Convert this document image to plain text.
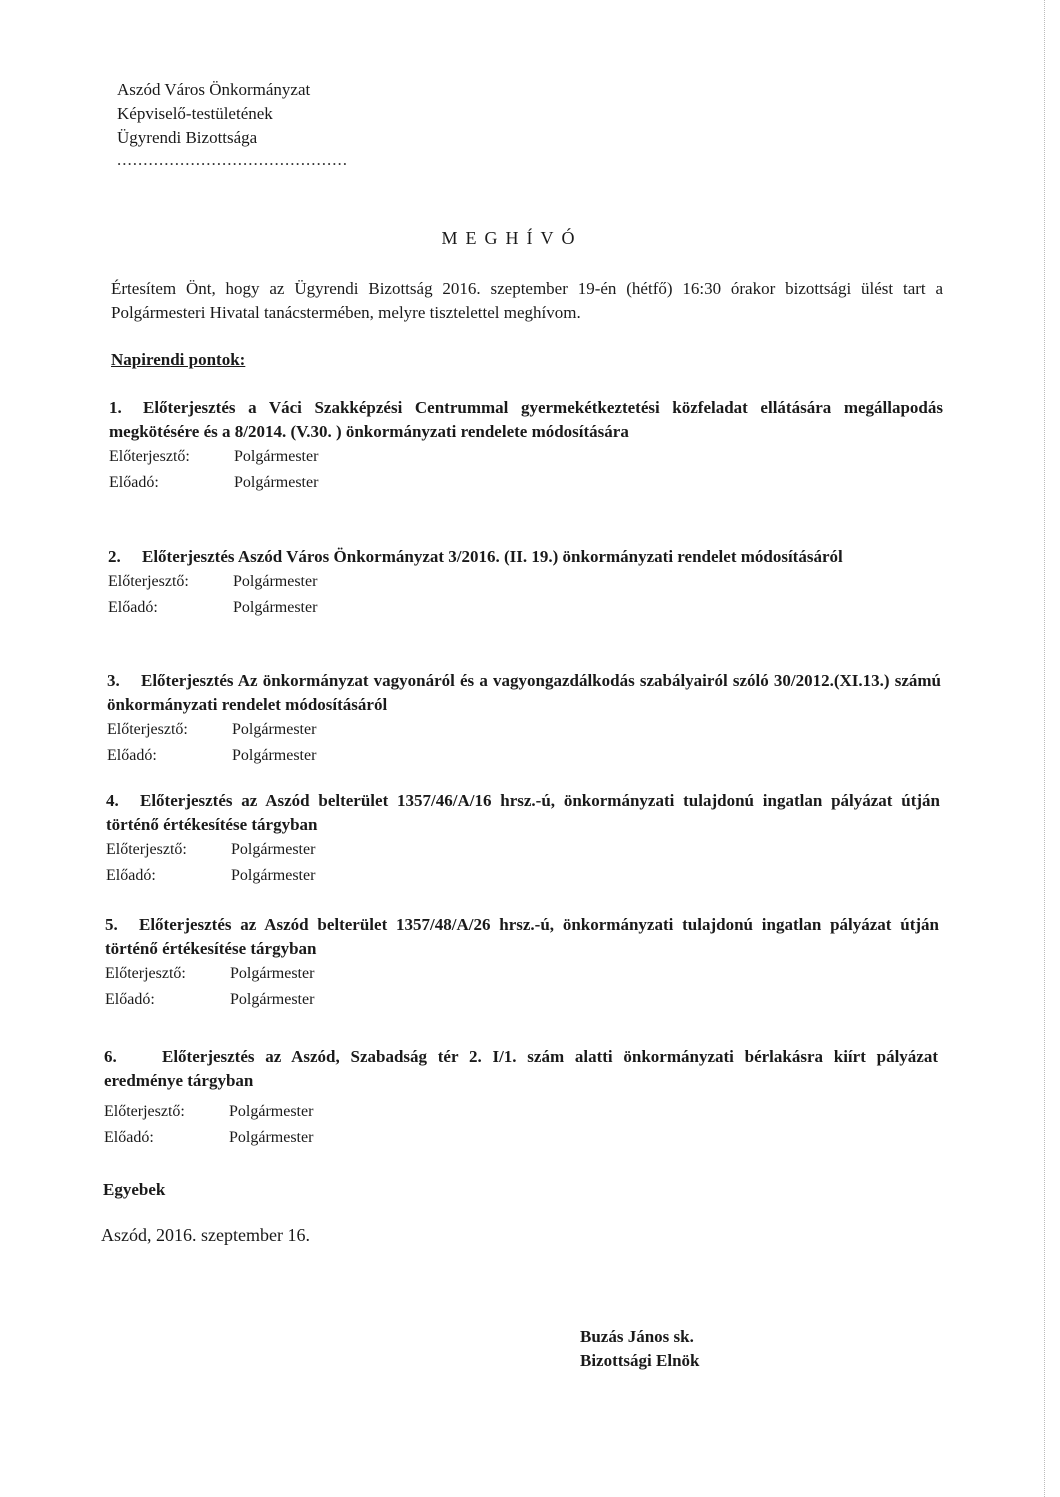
Aszód Város Önkormányzat
Képviselő-testületének
Ügyrendi Bizottsága
............................................
MEGHÍVÓ
Értesítem Önt, hogy az Ügyrendi Bizottság 2016. szeptember 19-én (hétfő) 16:30 órakor bizottsági ülést tart a Polgármesteri Hivatal tanácstermében, melyre tisztelettel meghívom.
Napirendi pontok:
1. Előterjesztés a Váci Szakképzési Centrummal gyermekétkeztetési közfeladat ellátására megállapodás megkötésére és a 8/2014. (V.30. ) önkormányzati rendelete módosítására
Előterjesztő:	Polgármester
Előadó:	Polgármester
2. Előterjesztés Aszód Város Önkormányzat 3/2016. (II. 19.) önkormányzati rendelet módosításáról
Előterjesztő:	Polgármester
Előadó:	Polgármester
3. Előterjesztés Az önkormányzat vagyonáról és a vagyongazdálkodás szabályairól szóló 30/2012.(XI.13.) számú önkormányzati rendelet módosításáról
Előterjesztő:	Polgármester
Előadó:	Polgármester
4. Előterjesztés az Aszód belterület 1357/46/A/16 hrsz.-ú, önkormányzati tulajdonú ingatlan pályázat útján történő értékesítése tárgyban
Előterjesztő:	Polgármester
Előadó:	Polgármester
5. Előterjesztés az Aszód belterület 1357/48/A/26 hrsz.-ú, önkormányzati tulajdonú ingatlan pályázat útján történő értékesítése tárgyban
Előterjesztő:	Polgármester
Előadó:	Polgármester
6.	Előterjesztés az Aszód, Szabadság tér 2. I/1. szám alatti önkormányzati bérlakásra kiírt pályázat eredménye tárgyban
Előterjesztő:	Polgármester
Előadó:	Polgármester
Egyebek
Aszód, 2016. szeptember 16.
Buzás János sk.
Bizottsági Elnök
